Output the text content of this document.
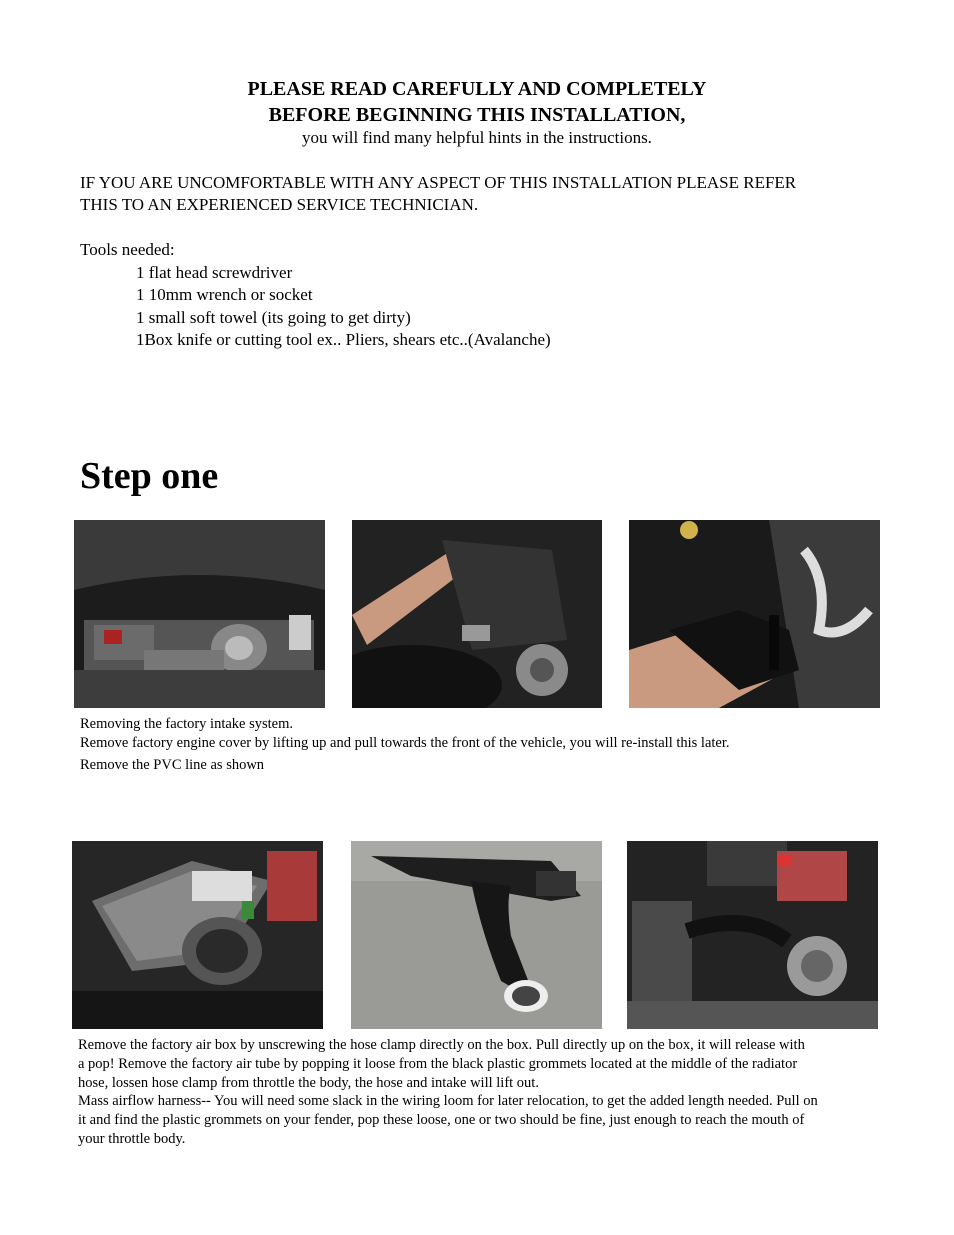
PLEASE READ CAREFULLY AND COMPLETELY
BEFORE BEGINNING THIS INSTALLATION,
you will find many helpful hints in the instructions.
IF YOU ARE UNCOMFORTABLE WITH ANY ASPECT OF THIS INSTALLATION PLEASE REFER
THIS TO AN EXPERIENCED SERVICE TECHNICIAN.
Tools needed:
1 flat head screwdriver
1 10mm wrench or socket
1 small soft towel (its going to get dirty)
1Box knife or cutting tool ex.. Pliers, shears etc..(Avalanche)
Step one
Removing the factory intake system.
Remove factory engine cover by lifting up and pull towards the front of the vehicle, you will re-install this later.
Remove the PVC line as shown
Remove the factory air box by unscrewing the hose clamp directly on the box. Pull directly up on the box, it will release with
a pop! Remove the factory air tube by popping it loose from the black plastic grommets located at the middle of the radiator
hose, lossen hose clamp from throttle the body, the hose and intake will lift out.
Mass airflow harness-- You will need some slack in the wiring loom for later relocation, to get the added length needed. Pull on
it and find the plastic grommets on your fender, pop these loose, one or two should be fine, just enough to reach the mouth of
your throttle body.
